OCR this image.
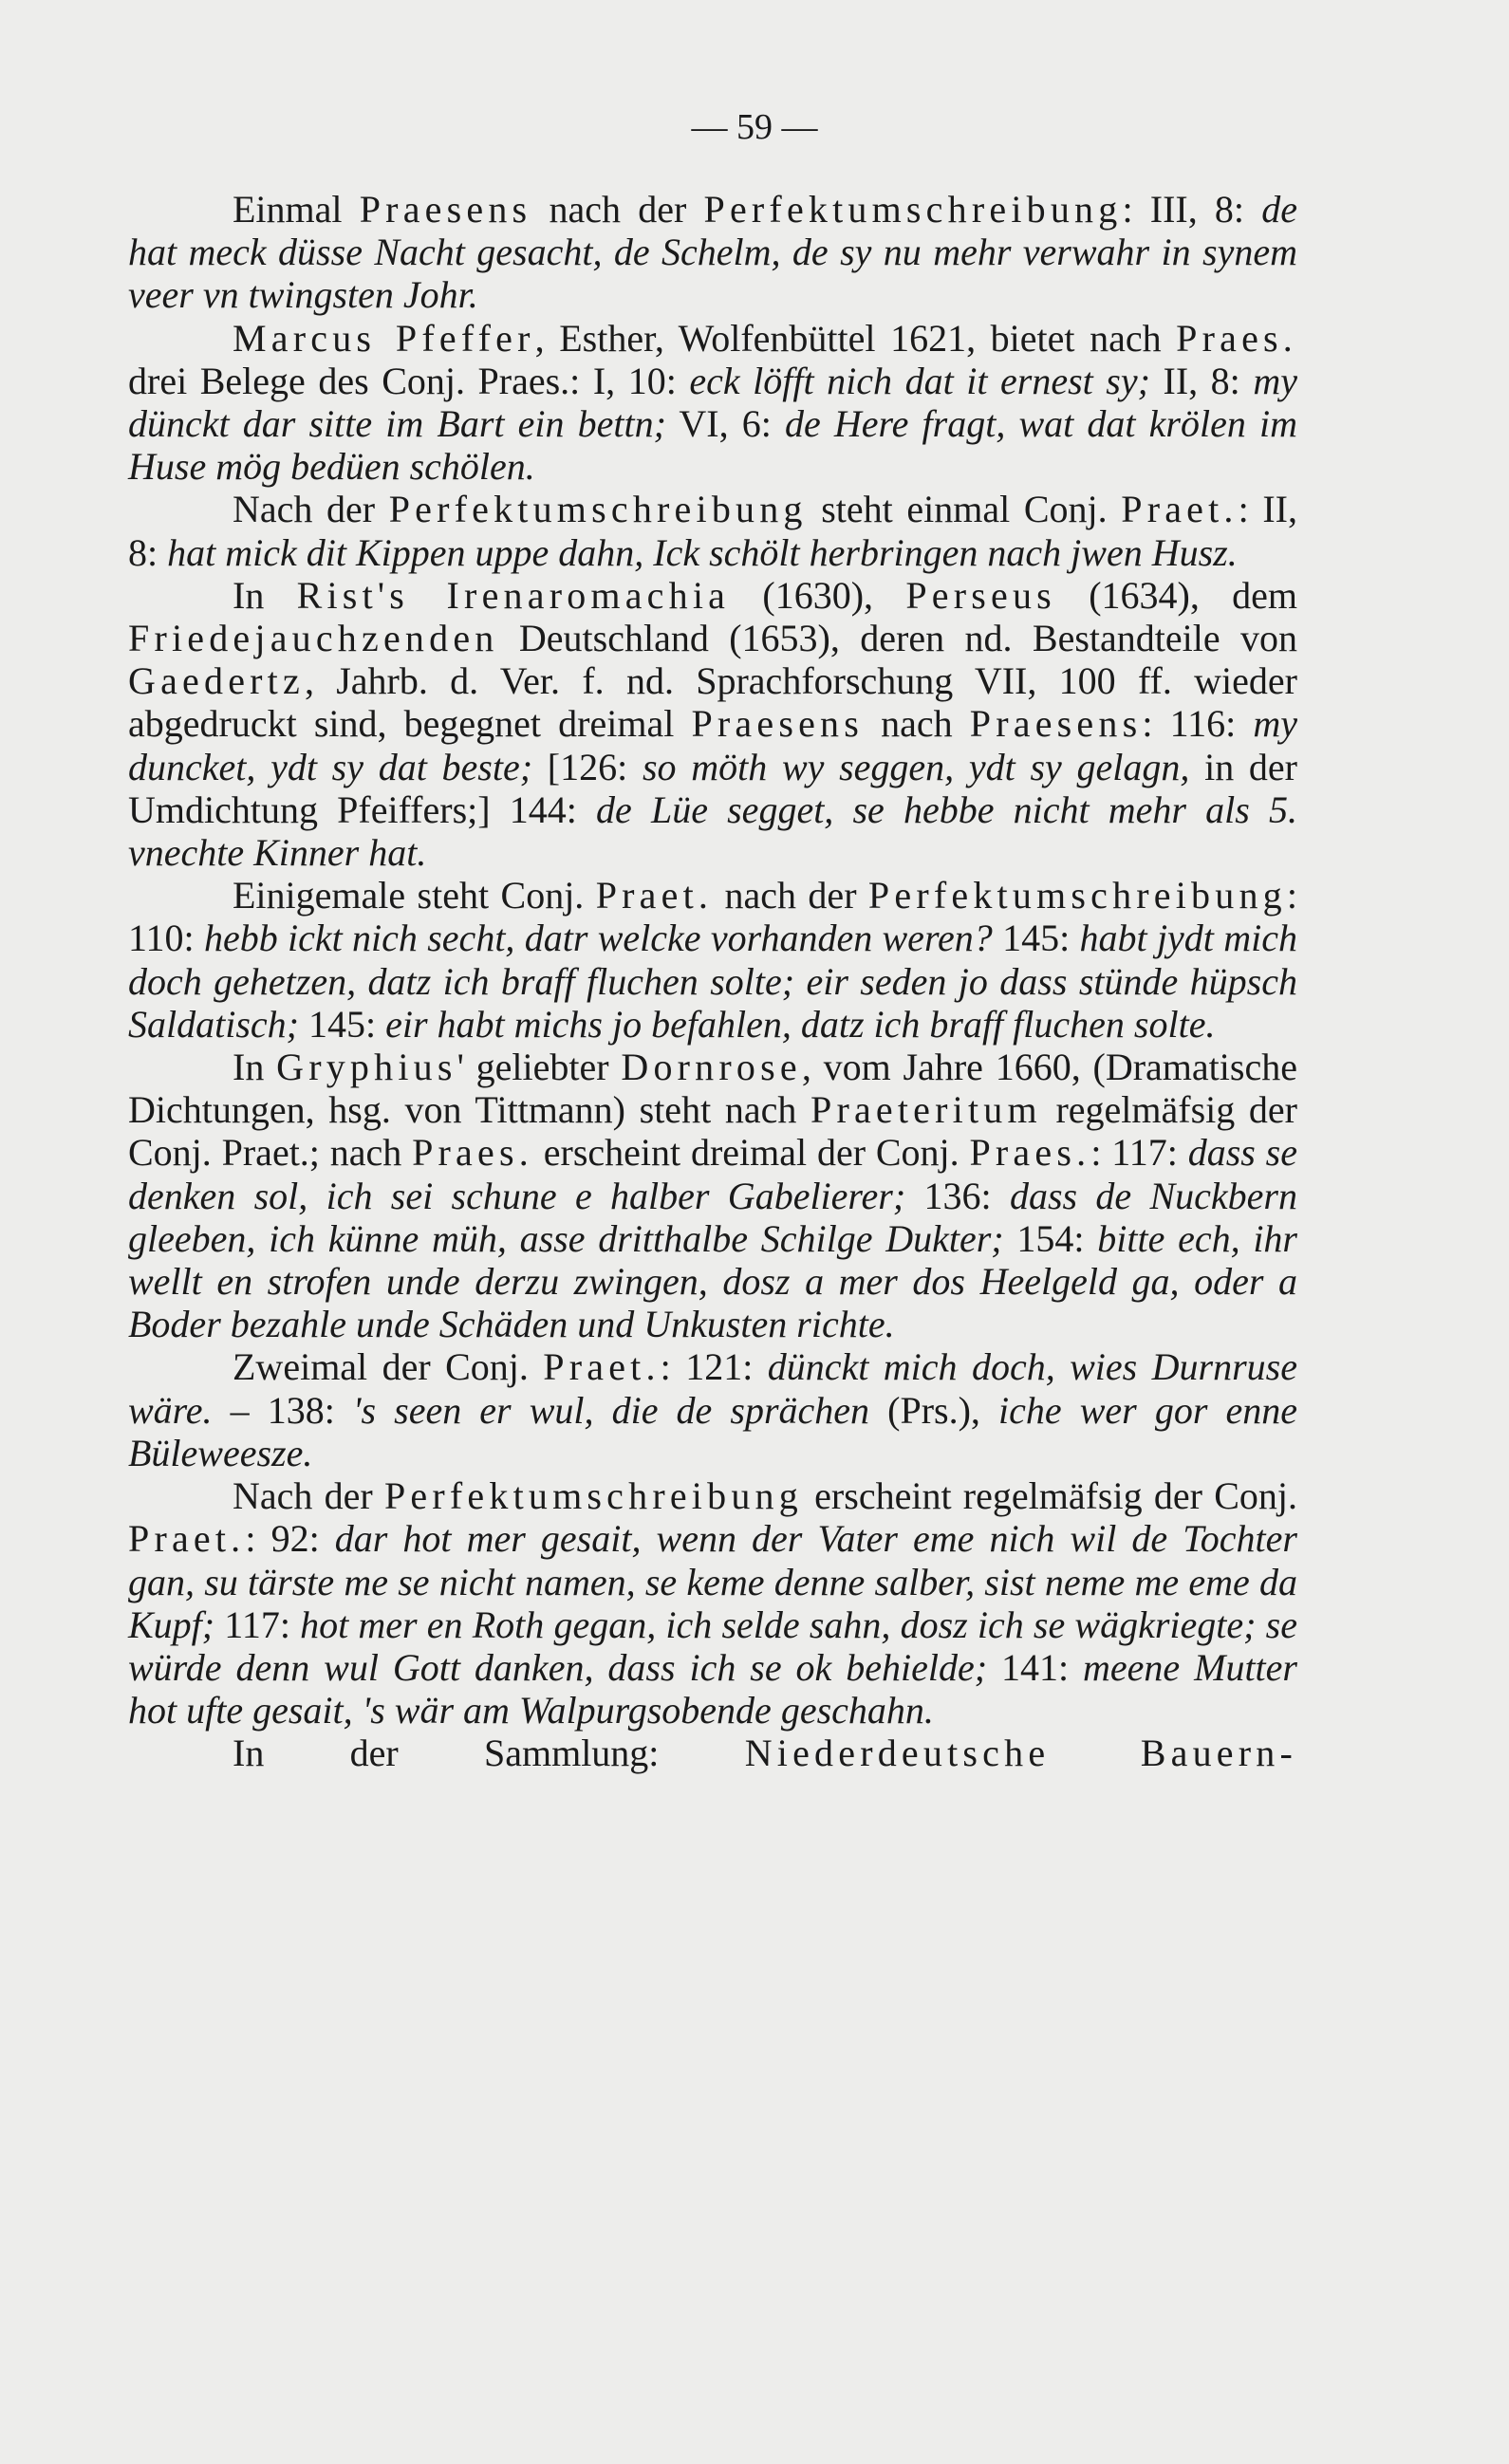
— 59 —

Einmal Praesens nach der Perfektumschreibung: III, 8: de hat meck düsse Nacht gesacht, de Schelm, de sy nu mehr verwahr in synem veer vn twingsten Johr.

Marcus Pfeffer, Esther, Wolfenbüttel 1621, bietet nach Praes. drei Belege des Conj. Praes.: I, 10: eck löfft nich dat it ernest sy; II, 8: my dünckt dar sitte im Bart ein bettn; VI, 6: de Here fragt, wat dat krölen im Huse mög bedüen schölen.

Nach der Perfektumschreibung steht einmal Conj. Praet.: II, 8: hat mick dit Kippen uppe dahn, Ick schölt herbringen nach jwen Husz.

In Rist's Irenaromachia (1630), Perseus (1634), dem Friedejauchzenden Deutschland (1653), deren nd. Bestandteile von Gaedertz, Jahrb. d. Ver. f. nd. Sprachforschung VII, 100 ff. wieder abgedruckt sind, begegnet dreimal Praesens nach Praesens: 116: my duncket, ydt sy dat beste; [126: so möth wy seggen, ydt sy gelagn, in der Umdichtung Pfeiffers;] 144: de Lüe segget, se hebbe nicht mehr als 5. vnechte Kinner hat.

Einigemale steht Conj. Praet. nach der Perfektumschreibung: 110: hebb ickt nich secht, datr welcke vorhanden weren? 145: habt jydt mich doch gehetzen, datz ich braff fluchen solte; eir seden jo dass stünde hüpsch Saldatisch; 145: eir habt michs jo befahlen, datz ich braff fluchen solte.

In Gryphius' geliebter Dornrose, vom Jahre 1660, (Dramatische Dichtungen, hsg. von Tittmann) steht nach Praeteritum regelmäfsig der Conj. Praet.; nach Praes. erscheint dreimal der Conj. Praes.: 117: dass se denken sol, ich sei schune e halber Gabelierer; 136: dass de Nuckbern gleeben, ich künne müh, asse dritthalbe Schilge Dukter; 154: bitte ech, ihr wellt en strofen unde derzu zwingen, dosz a mer dos Heelgeld ga, oder a Boder bezahle unde Schäden und Unkusten richte.

Zweimal der Conj. Praet.: 121: dünckt mich doch, wies Durnruse wäre. – 138: 's seen er wul, die de sprächen (Prs.), iche wer gor enne Büleweesze.

Nach der Perfektumschreibung erscheint regelmäfsig der Conj. Praet.: 92: dar hot mer gesait, wenn der Vater eme nich wil de Tochter gan, su tärste me se nicht namen, se keme denne salber, sist neme me eme da Kupf; 117: hot mer en Roth gegan, ich selde sahn, dosz ich se wägkriegte; se würde denn wul Gott danken, dass ich se ok behielde; 141: meene Mutter hot ufte gesait, 's wär am Walpurgsobende geschahn.

In der Sammlung: Niederdeutsche Bauern-
